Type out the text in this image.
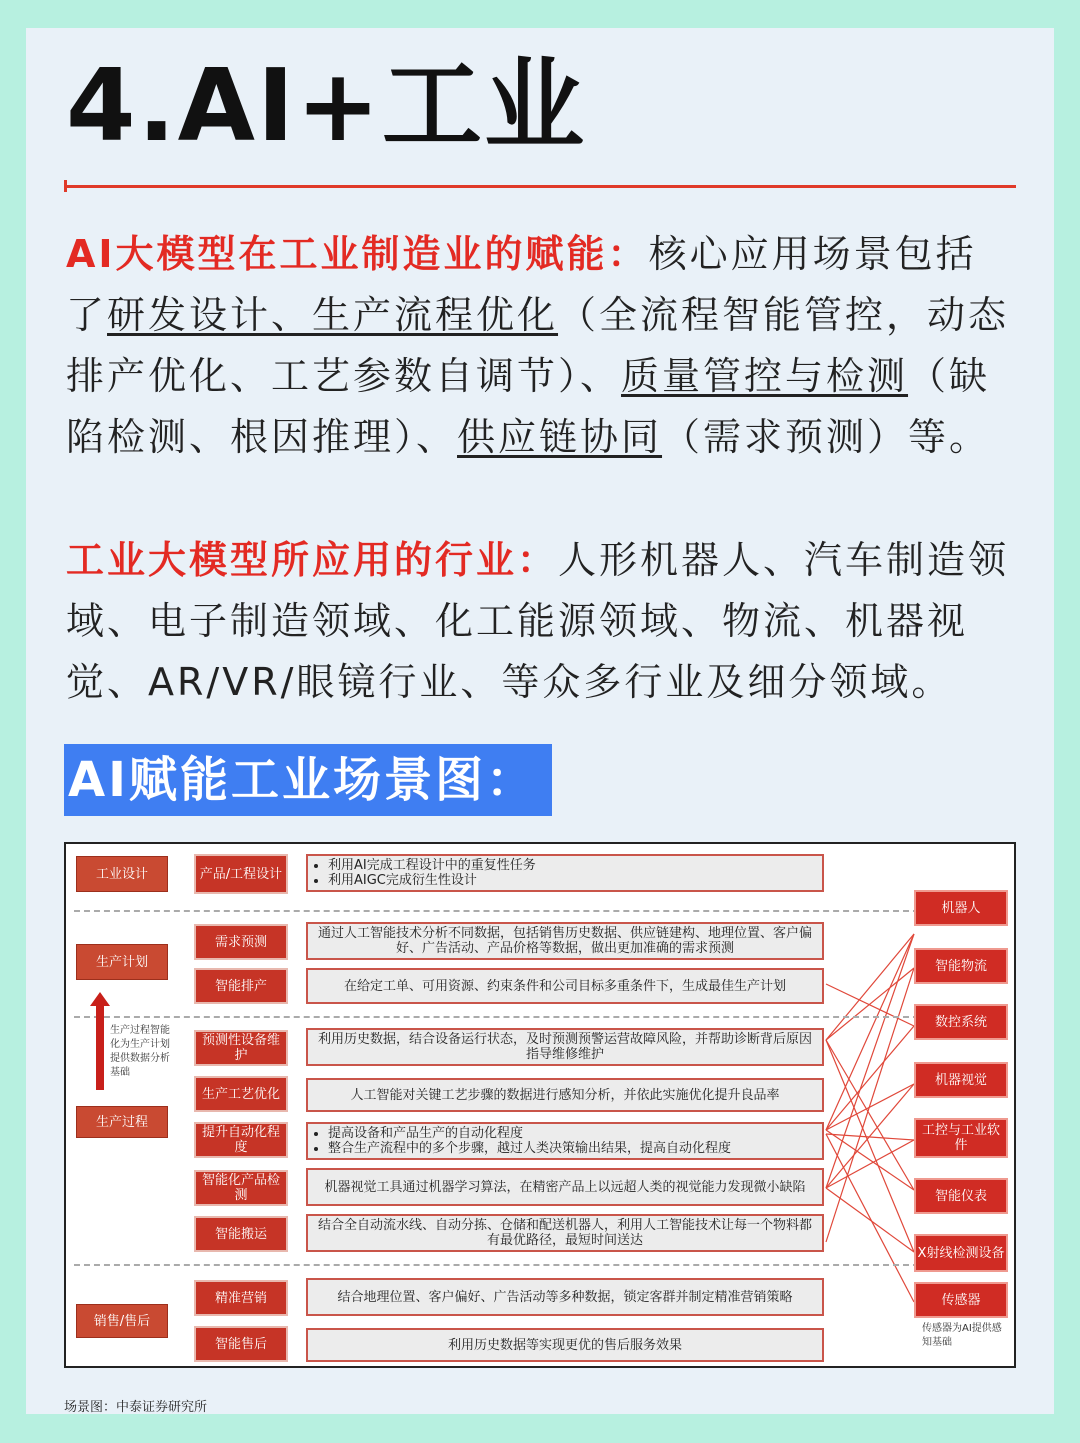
4.AI+工业
AI大模型在工业制造业的赋能：核心应用场景包括了研发设计、生产流程优化（全流程智能管控，动态排产优化、工艺参数自调节）、质量管控与检测（缺陷检测、根因推理）、供应链协同（需求预测）等。
工业大模型所应用的行业：人形机器人、汽车制造领域、电子制造领域、化工能源领域、物流、机器视觉、AR/VR/眼镜行业、等众多行业及细分领域。
AI赋能工业场景图：
工业设计
生产计划
生产过程
销售/售后
生产过程智能化为生产计划提供数据分析基础
产品/工程设计
需求预测
智能排产
预测性设备维护
生产工艺优化
提升自动化程度
智能化产品检测
智能搬运
精准营销
智能售后
• 利用AI完成工程设计中的重复性任务
• 利用AIGC完成衍生性设计
通过人工智能技术分析不同数据，包括销售历史数据、供应链建构、地理位置、客户偏好、广告活动、产品价格等数据，做出更加准确的需求预测
在给定工单、可用资源、约束条件和公司目标多重条件下，生成最佳生产计划
利用历史数据，结合设备运行状态，及时预测预警运营故障风险，并帮助诊断背后原因指导维修维护
人工智能对关键工艺步骤的数据进行感知分析，并依此实施优化提升良品率
• 提高设备和产品生产的自动化程度
• 整合生产流程中的多个步骤，越过人类决策输出结果，提高自动化程度
机器视觉工具通过机器学习算法，在精密产品上以远超人类的视觉能力发现微小缺陷
结合全自动流水线、自动分拣、仓储和配送机器人，利用人工智能技术让每一个物料都有最优路径，最短时间送达
结合地理位置、客户偏好、广告活动等多种数据，锁定客群并制定精准营销策略
利用历史数据等实现更优的售后服务效果
机器人
智能物流
数控系统
机器视觉
工控与工业软件
智能仪表
X射线检测设备
传感器
传感器为AI提供感知基础
场景图：中泰证券研究所
